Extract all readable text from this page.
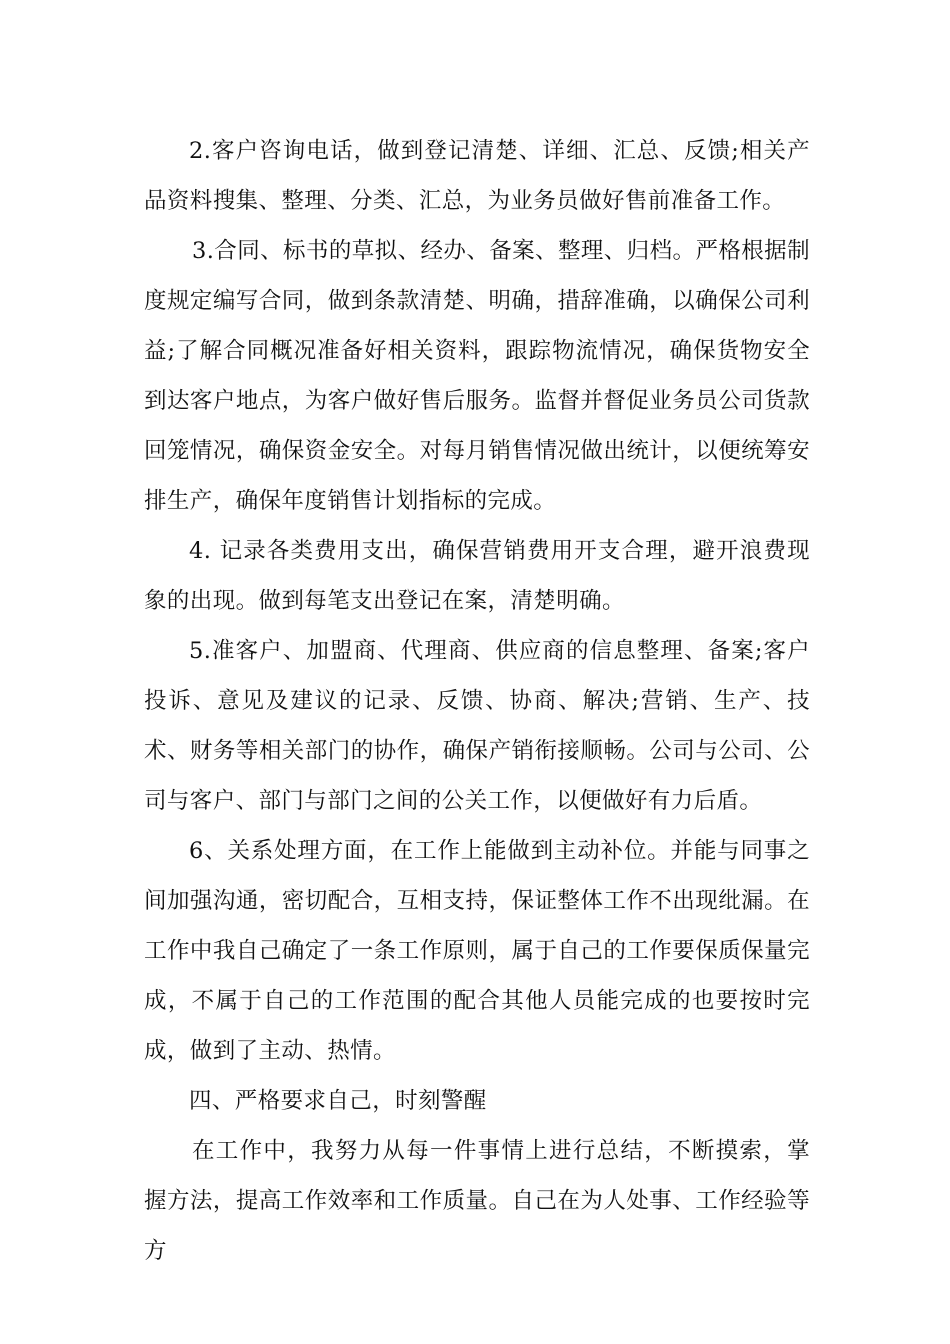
2.客户咨询电话，做到登记清楚、详细、汇总、反馈;相关产品资料搜集、整理、分类、汇总，为业务员做好售前准备工作。

3.合同、标书的草拟、经办、备案、整理、归档。严格根据制度规定编写合同，做到条款清楚、明确，措辞准确，以确保公司利益;了解合同概况准备好相关资料，跟踪物流情况，确保货物安全到达客户地点，为客户做好售后服务。监督并督促业务员公司货款回笼情况，确保资金安全。对每月销售情况做出统计，以便统筹安排生产，确保年度销售计划指标的完成。

4. 记录各类费用支出，确保营销费用开支合理，避开浪费现象的出现。做到每笔支出登记在案，清楚明确。

5.准客户、加盟商、代理商、供应商的信息整理、备案;客户投诉、意见及建议的记录、反馈、协商、解决;营销、生产、技术、财务等相关部门的协作，确保产销衔接顺畅。公司与公司、公司与客户、部门与部门之间的公关工作，以便做好有力后盾。

6、关系处理方面，在工作上能做到主动补位。并能与同事之间加强沟通，密切配合，互相支持，保证整体工作不出现纰漏。在工作中我自己确定了一条工作原则，属于自己的工作要保质保量完成，不属于自己的工作范围的配合其他人员能完成的也要按时完成，做到了主动、热情。

四、严格要求自己，时刻警醒

在工作中，我努力从每一件事情上进行总结，不断摸索，掌握方法，提高工作效率和工作质量。自己在为人处事、工作经验等方
